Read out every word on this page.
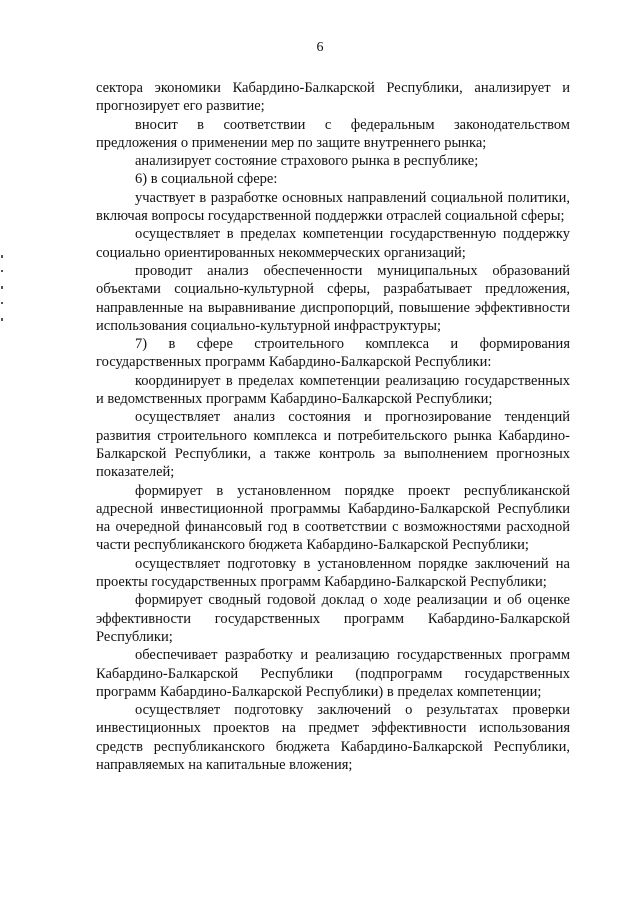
6

сектора экономики Кабардино-Балкарской Республики, анализирует и прогнозирует его развитие;

вносит в соответствии с федеральным законодательством предложения о применении мер по защите внутреннего рынка;

анализирует состояние страхового рынка в республике;

6) в социальной сфере:

участвует в разработке основных направлений социальной политики, включая вопросы государственной поддержки отраслей социальной сферы;

осуществляет в пределах компетенции государственную поддержку социально ориентированных некоммерческих организаций;

проводит анализ обеспеченности муниципальных образований объектами социально-культурной сферы, разрабатывает предложения, направленные на выравнивание диспропорций, повышение эффективности использования социально-культурной инфраструктуры;

7) в сфере строительного комплекса и формирования государственных программ Кабардино-Балкарской Республики:

координирует в пределах компетенции реализацию государственных и ведомственных программ Кабардино-Балкарской Республики;

осуществляет анализ состояния и прогнозирование тенденций развития строительного комплекса и потребительского рынка Кабардино-Балкарской Республики, а также контроль за выполнением прогнозных показателей;

формирует в установленном порядке проект республиканской адресной инвестиционной программы Кабардино-Балкарской Республики на очередной финансовый год в соответствии с возможностями расходной части республиканского бюджета Кабардино-Балкарской Республики;

осуществляет подготовку в установленном порядке заключений на проекты государственных программ Кабардино-Балкарской Республики;

формирует сводный годовой доклад о ходе реализации и об оценке эффективности государственных программ Кабардино-Балкарской Республики;

обеспечивает разработку и реализацию государственных программ Кабардино-Балкарской Республики (подпрограмм государственных программ Кабардино-Балкарской Республики) в пределах компетенции;

осуществляет подготовку заключений о результатах проверки инвестиционных проектов на предмет эффективности использования средств республиканского бюджета Кабардино-Балкарской Республики, направляемых на капитальные вложения;
